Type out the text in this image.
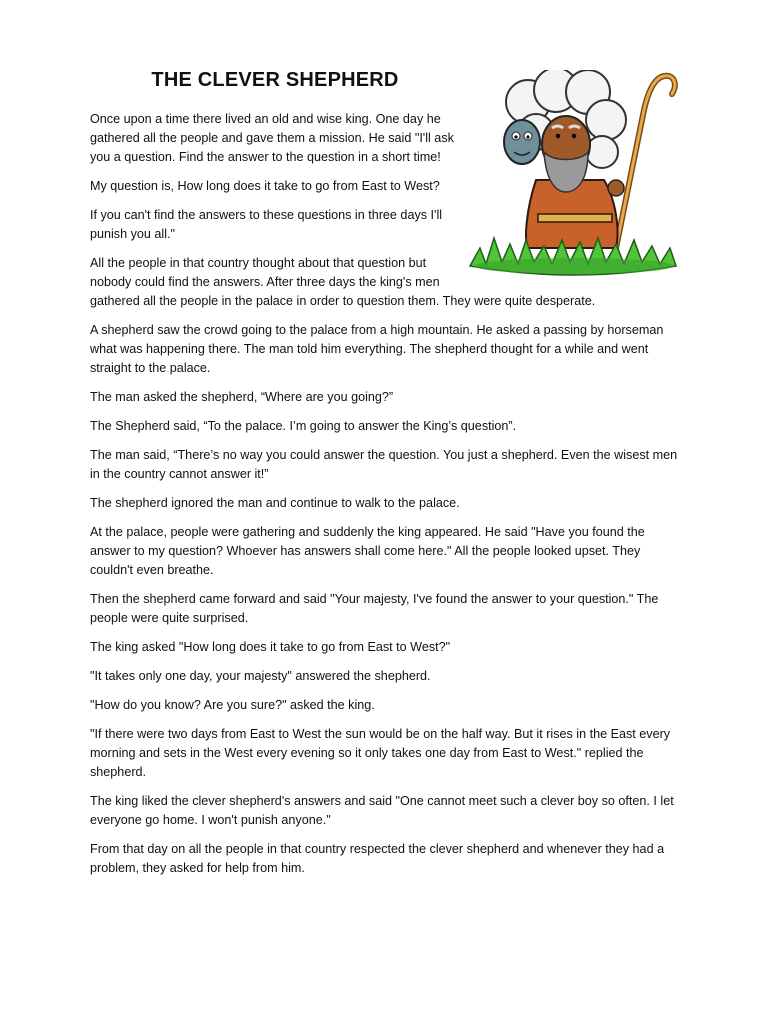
THE CLEVER SHEPHERD

Once upon a time there lived an old and wise king. One day he gathered all the people and gave them a mission. He said "I'll ask you a question. Find the answer to the question in a short time!

My question is, How long does it take to go from East to West?

If you can't find the answers to these questions in three days I'll punish you all."

All the people in that country thought about that question but nobody could find the answers. After three days the king's men gathered all the people in the palace in order to question them. They were quite desperate.

A shepherd saw the crowd going to the palace from a high mountain. He asked a passing by horseman what was happening there. The man told him everything. The shepherd thought for a while and went straight to the palace.

The man asked the shepherd, “Where are you going?”

The Shepherd said, “To the palace. I’m going to answer the King’s question”.

The man said, “There’s no way you could answer the question. You just a shepherd. Even the wisest men in the country cannot answer it!”

The shepherd ignored the man and continue to walk to the palace.

At the palace, people were gathering and suddenly the king appeared. He said "Have you found the answer to my question? Whoever has answers shall come here." All the people looked upset. They couldn't even breathe.

Then the shepherd came forward and said "Your majesty, I've found the answer to your question." The people were quite surprised.

The king asked "How long does it take to go from East to West?"

"It takes only one day, your majesty" answered the shepherd.

"How do you know? Are you sure?" asked the king.

"If there were two days from East to West the sun would be on the half way. But it rises in the East every morning and sets in the West every evening so it only takes one day from East to West." replied the shepherd.

The king liked the clever shepherd's answers and said "One cannot meet such a clever boy so often. I let everyone go home. I won't punish anyone."

From that day on all the people in that country respected the clever shepherd and whenever they had a problem, they asked for help from him.
